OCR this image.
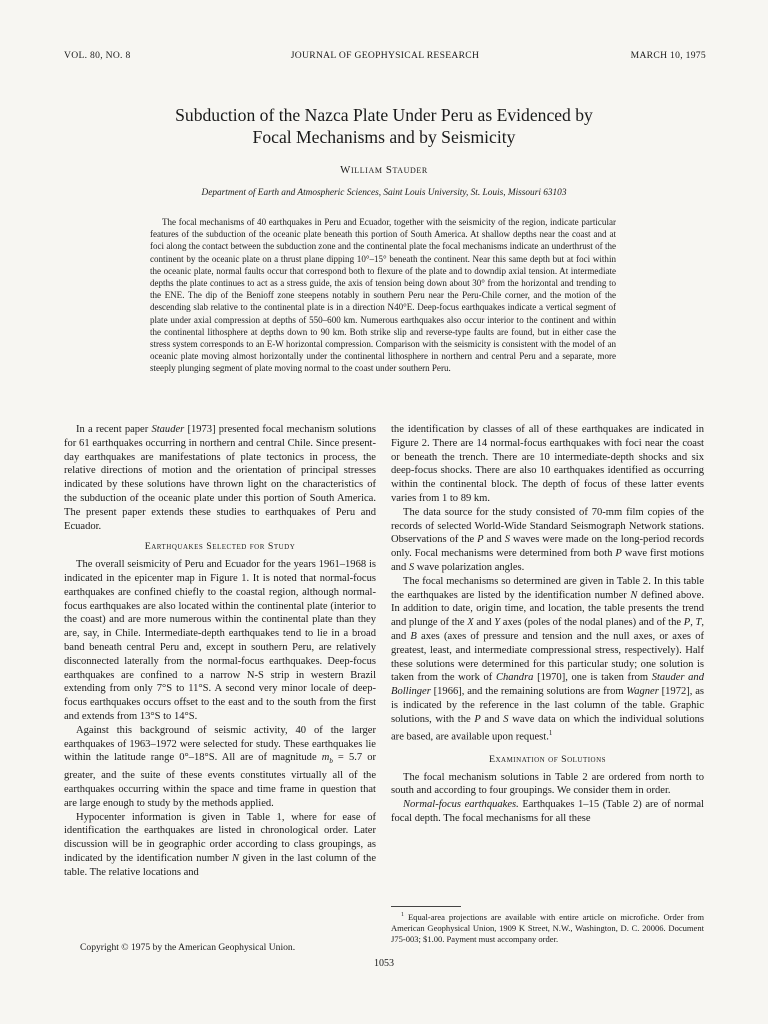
VOL. 80, NO. 8	JOURNAL OF GEOPHYSICAL RESEARCH	MARCH 10, 1975
Subduction of the Nazca Plate Under Peru as Evidenced by
Focal Mechanisms and by Seismicity
William Stauder
Department of Earth and Atmospheric Sciences, Saint Louis University, St. Louis, Missouri 63103

The focal mechanisms of 40 earthquakes in Peru and Ecuador, together with the seismicity of the region, indicate particular features of the subduction of the oceanic plate beneath this portion of South America. At shallow depths near the coast and at foci along the contact between the subduction zone and the continental plate the focal mechanisms indicate an underthrust of the continent by the oceanic plate on a thrust plane dipping 10°–15° beneath the continent. Near this same depth but at foci within the oceanic plate, normal faults occur that correspond both to flexure of the plate and to downdip axial tension. At intermediate depths the plate continues to act as a stress guide, the axis of tension being down about 30° from the horizontal and trending to the ENE. The dip of the Benioff zone steepens notably in southern Peru near the Peru-Chile corner, and the motion of the descending slab relative to the continental plate is in a direction N40°E. Deep-focus earthquakes indicate a vertical segment of plate under axial compression at depths of 550–600 km. Numerous earthquakes also occur interior to the continent and within the continental lithosphere at depths down to 90 km. Both strike slip and reverse-type faults are found, but in either case the stress system corresponds to an E-W horizontal compression. Comparison with the seismicity is consistent with the model of an oceanic plate moving almost horizontally under the continental lithosphere in northern and central Peru and a separate, more steeply plunging segment of plate moving normal to the coast under southern Peru.

In a recent paper Stauder [1973] presented focal mechanism solutions for 61 earthquakes occurring in northern and central Chile. Since present-day earthquakes are manifestations of plate tectonics in process, the relative directions of motion and the orientation of principal stresses indicated by these solutions have thrown light on the characteristics of the subduction of the oceanic plate under this portion of South America. The present paper extends these studies to earthquakes of Peru and Ecuador.

Earthquakes Selected for Study

The overall seismicity of Peru and Ecuador for the years 1961–1968 is indicated in the epicenter map in Figure 1. It is noted that normal-focus earthquakes are confined chiefly to the coastal region, although normal-focus earthquakes are also located within the continental plate (interior to the coast) and are more numerous within the continental plate than they are, say, in Chile. Intermediate-depth earthquakes tend to lie in a broad band beneath central Peru and, except in southern Peru, are relatively disconnected laterally from the normal-focus earthquakes. Deep-focus earthquakes are confined to a narrow N-S strip in western Brazil extending from only 7°S to 11°S. A second very minor locale of deep-focus earthquakes occurs offset to the east and to the south from the first and extends from 13°S to 14°S.

Against this background of seismic activity, 40 of the larger earthquakes of 1963–1972 were selected for study. These earthquakes lie within the latitude range 0°–18°S. All are of magnitude $m_b = 5.7$ or greater, and the suite of these events constitutes virtually all of the earthquakes occurring within the space and time frame in question that are large enough to study by the methods applied.

Hypocenter information is given in Table 1, where for ease of identification the earthquakes are listed in chronological order. Later discussion will be in geographic order according to class groupings, as indicated by the identification number N given in the last column of the table. The relative locations and

the identification by classes of all of these earthquakes are indicated in Figure 2. There are 14 normal-focus earthquakes with foci near the coast or beneath the trench. There are 10 intermediate-depth shocks and six deep-focus shocks. There are also 10 earthquakes identified as occurring within the continental block. The depth of focus of these latter events varies from 1 to 89 km.

The data source for the study consisted of 70-mm film copies of the records of selected World-Wide Standard Seismograph Network stations. Observations of the P and S waves were made on the long-period records only. Focal mechanisms were determined from both P wave first motions and S wave polarization angles.

The focal mechanisms so determined are given in Table 2. In this table the earthquakes are listed by the identification number N defined above. In addition to date, origin time, and location, the table presents the trend and plunge of the X and Y axes (poles of the nodal planes) and of the P, T, and B axes (axes of pressure and tension and the null axes, or axes of greatest, least, and intermediate compressional stress, respectively). Half these solutions were determined for this particular study; one solution is taken from the work of Chandra [1970], one is taken from Stauder and Bollinger [1966], and the remaining solutions are from Wagner [1972], as is indicated by the reference in the last column of the table. Graphic solutions, with the P and S wave data on which the individual solutions are based, are available upon request.$^1$

Examination of Solutions

The focal mechanism solutions in Table 2 are ordered from north to south and according to four groupings. We consider them in order.

Normal-focus earthquakes. Earthquakes 1–15 (Table 2) are of normal focal depth. The focal mechanisms for all these

$^1$ Equal-area projections are available with entire article on microfiche. Order from American Geophysical Union, 1909 K Street, N.W., Washington, D. C. 20006. Document J75-003; $1.00. Payment must accompany order.

Copyright © 1975 by the American Geophysical Union.
1053
